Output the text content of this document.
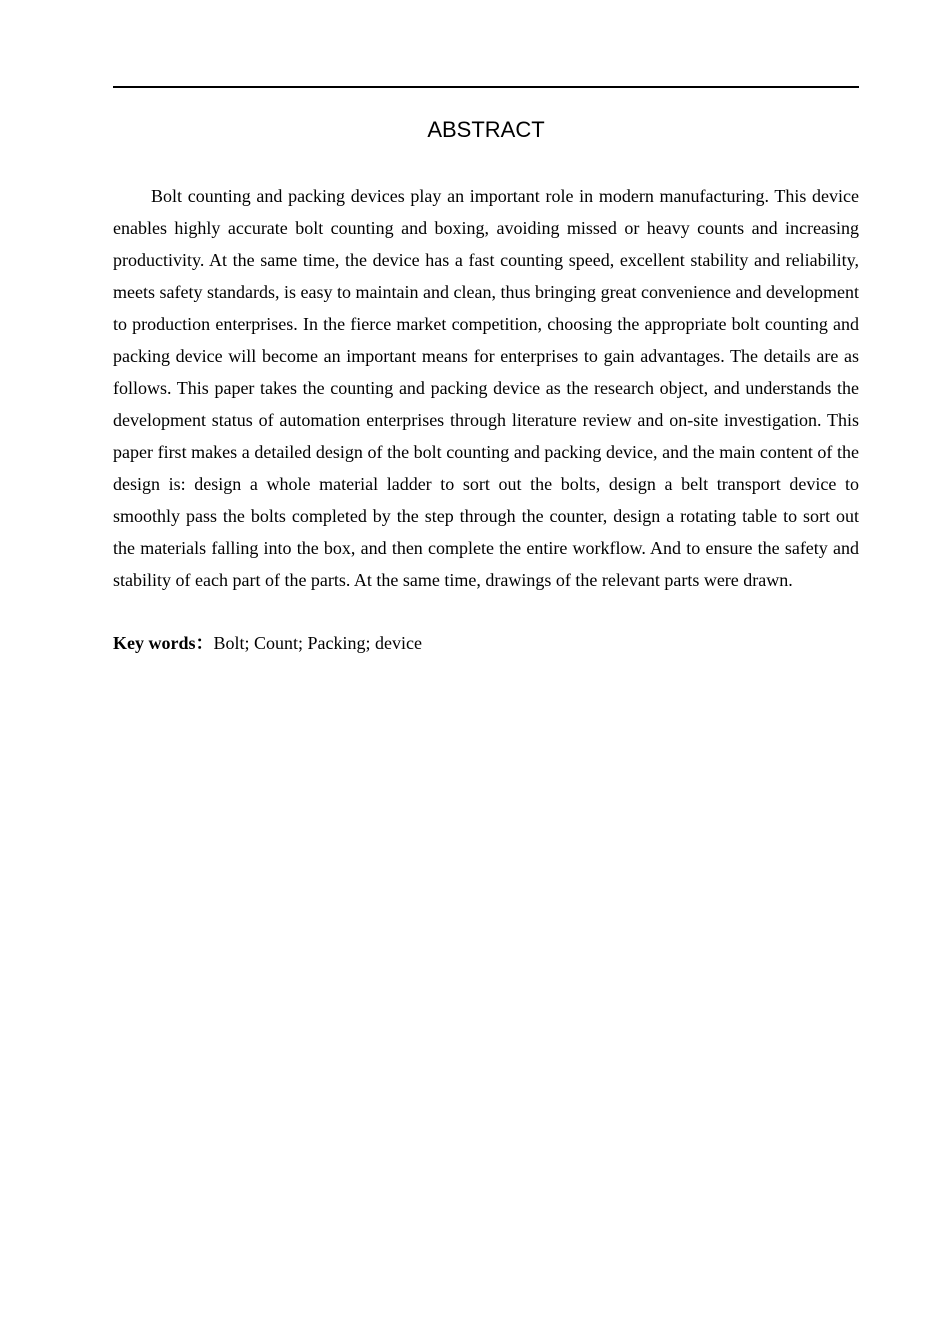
ABSTRACT

Bolt counting and packing devices play an important role in modern manufacturing. This device enables highly accurate bolt counting and boxing, avoiding missed or heavy counts and increasing productivity. At the same time, the device has a fast counting speed, excellent stability and reliability, meets safety standards, is easy to maintain and clean, thus bringing great convenience and development to production enterprises. In the fierce market competition, choosing the appropriate bolt counting and packing device will become an important means for enterprises to gain advantages. The details are as follows. This paper takes the counting and packing device as the research object, and understands the development status of automation enterprises through literature review and on-site investigation. This paper first makes a detailed design of the bolt counting and packing device, and the main content of the design is: design a whole material ladder to sort out the bolts, design a belt transport device to smoothly pass the bolts completed by the step through the counter, design a rotating table to sort out the materials falling into the box, and then complete the entire workflow. And to ensure the safety and stability of each part of the parts. At the same time, drawings of the relevant parts were drawn.

Key words：Bolt; Count; Packing; device
